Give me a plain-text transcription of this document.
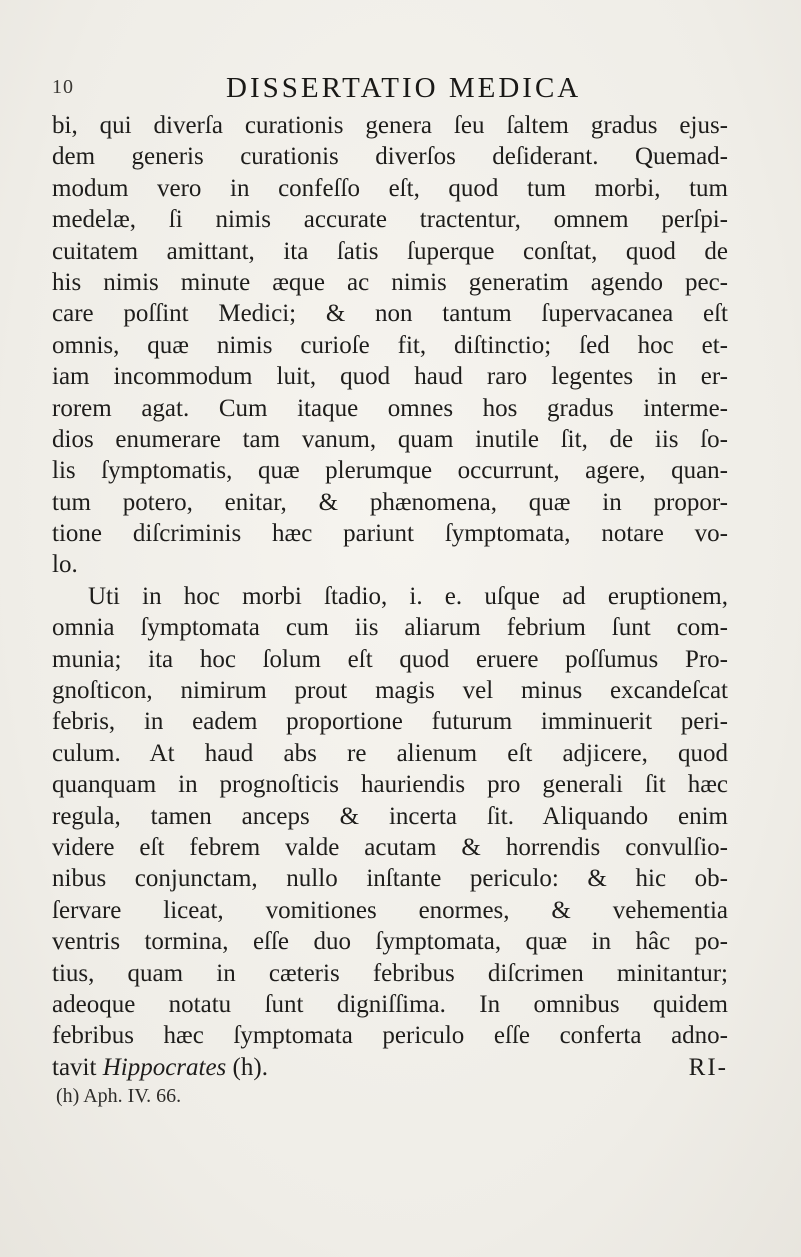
10	DISSERTATIO MEDICA
bi, qui diverſa curationis genera ſeu ſaltem gradus ejus-
dem generis curationis diverſos deſiderant. Quemad-
modum vero in confeſſo eſt, quod tum morbi, tum
medelæ, ſi nimis accurate tractentur, omnem perſpi-
cuitatem amittant, ita ſatis ſuperque conſtat, quod de
his nimis minute æque ac nimis generatim agendo pec-
care poſſint Medici; & non tantum ſupervacanea eſt
omnis, quæ nimis curioſe fit, diſtinctio; ſed hoc et-
iam incommodum luit, quod haud raro legentes in er-
rorem agat. Cum itaque omnes hos gradus interme-
dios enumerare tam vanum, quam inutile ſit, de iis ſo-
lis ſymptomatis, quæ plerumque occurrunt, agere, quan-
tum potero, enitar, & phænomena, quæ in propor-
tione diſcriminis hæc pariunt ſymptomata, notare vo-
lo.
Uti in hoc morbi ſtadio, i. e. uſque ad eruptionem,
omnia ſymptomata cum iis aliarum febrium ſunt com-
munia; ita hoc ſolum eſt quod eruere poſſumus Pro-
gnoſticon, nimirum prout magis vel minus excandeſcat
febris, in eadem proportione futurum imminuerit peri-
culum. At haud abs re alienum eſt adjicere, quod
quanquam in prognoſticis hauriendis pro generali ſit hæc
regula, tamen anceps & incerta ſit. Aliquando enim
videre eſt febrem valde acutam & horrendis convulſio-
nibus conjunctam, nullo inſtante periculo: & hic ob-
ſervare liceat, vomitiones enormes, & vehementia
ventris tormina, eſſe duo ſymptomata, quæ in hâc po-
tius, quam in cæteris febribus diſcrimen minitantur;
adeoque notatu ſunt digniſſima. In omnibus quidem
febribus hæc ſymptomata periculo eſſe conferta adno-
tavit Hippocrates (h).	RI-
(h) Aph. IV. 66.
